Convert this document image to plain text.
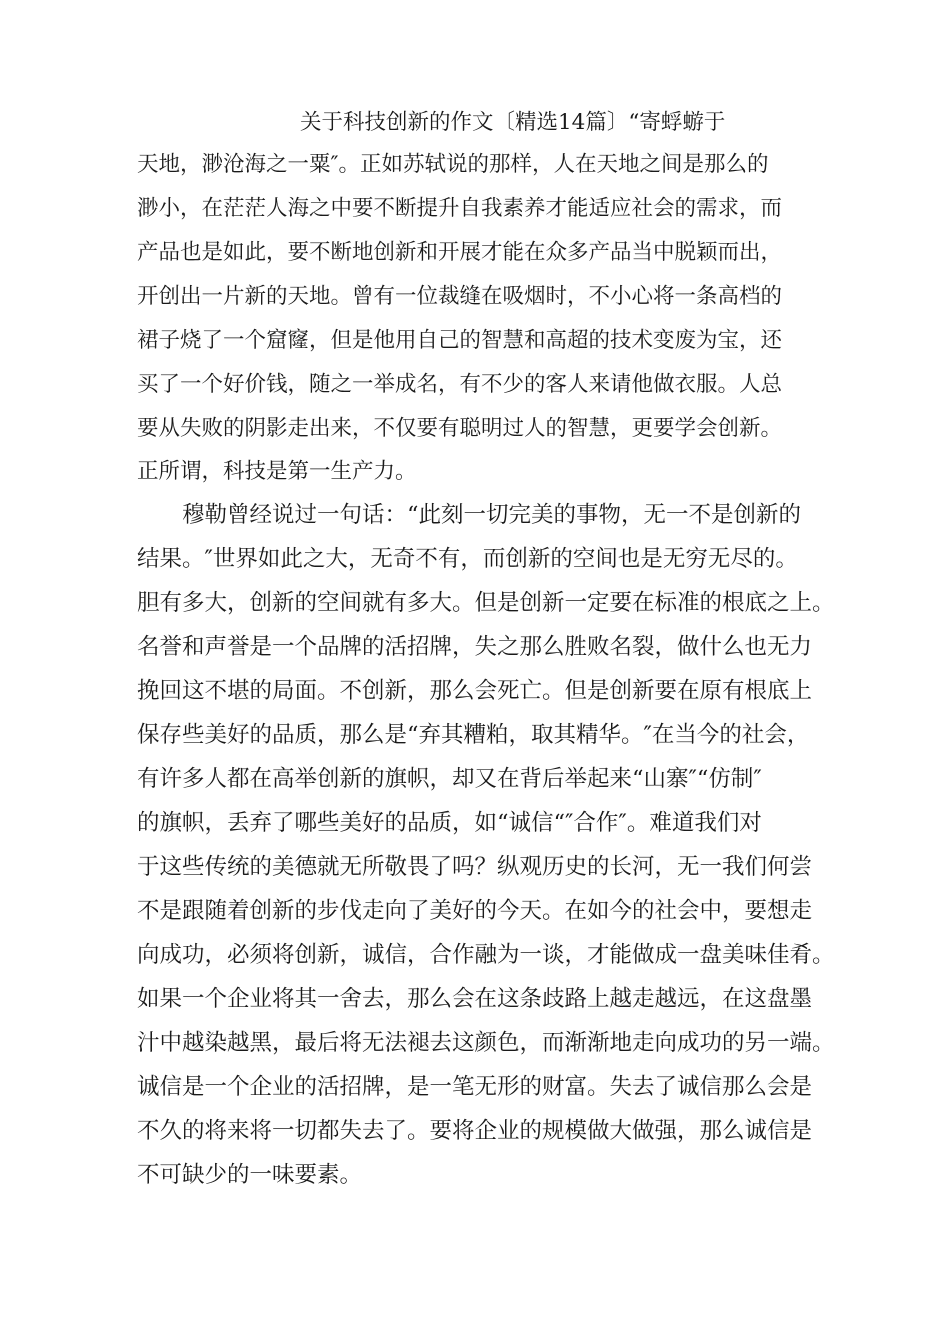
关于科技创新的作文〔精选14篇〕“寄蜉蝣于

天地，渺沧海之一粟″。正如苏轼说的那样，人在天地之间是那么的

渺小，在茫茫人海之中要不断提升自我素养才能适应社会的需求，而

产品也是如此，要不断地创新和开展才能在众多产品当中脱颖而出，

开创出一片新的天地。曾有一位裁缝在吸烟时，不小心将一条高档的

裙子烧了一个窟窿，但是他用自己的智慧和高超的技术变废为宝，还

买了一个好价钱，随之一举成名，有不少的客人来请他做衣服。人总

要从失败的阴影走出来，不仅要有聪明过人的智慧，更要学会创新。

正所谓，科技是第一生产力。

穆勒曾经说过一句话：“此刻一切完美的事物，无一不是创新的

结果。″世界如此之大，无奇不有，而创新的空间也是无穷无尽的。

胆有多大，创新的空间就有多大。但是创新一定要在标准的根底之上。

名誉和声誉是一个品牌的活招牌，失之那么胜败名裂，做什么也无力

挽回这不堪的局面。不创新，那么会死亡。但是创新要在原有根底上

保存些美好的品质，那么是“弃其糟粕，取其精华。″在当今的社会，

有许多人都在高举创新的旗帜，却又在背后举起来“山寨″“仿制″

的旗帜，丢弃了哪些美好的品质，如“诚信“″合作″。难道我们对

于这些传统的美德就无所敬畏了吗？纵观历史的长河，无一我们何尝

不是跟随着创新的步伐走向了美好的今天。在如今的社会中，要想走

向成功，必须将创新，诚信，合作融为一谈，才能做成一盘美味佳肴。

如果一个企业将其一舍去，那么会在这条歧路上越走越远，在这盘墨

汁中越染越黑，最后将无法褪去这颜色，而渐渐地走向成功的另一端。

诚信是一个企业的活招牌，是一笔无形的财富。失去了诚信那么会是

不久的将来将一切都失去了。要将企业的规模做大做强，那么诚信是

不可缺少的一味要素。
